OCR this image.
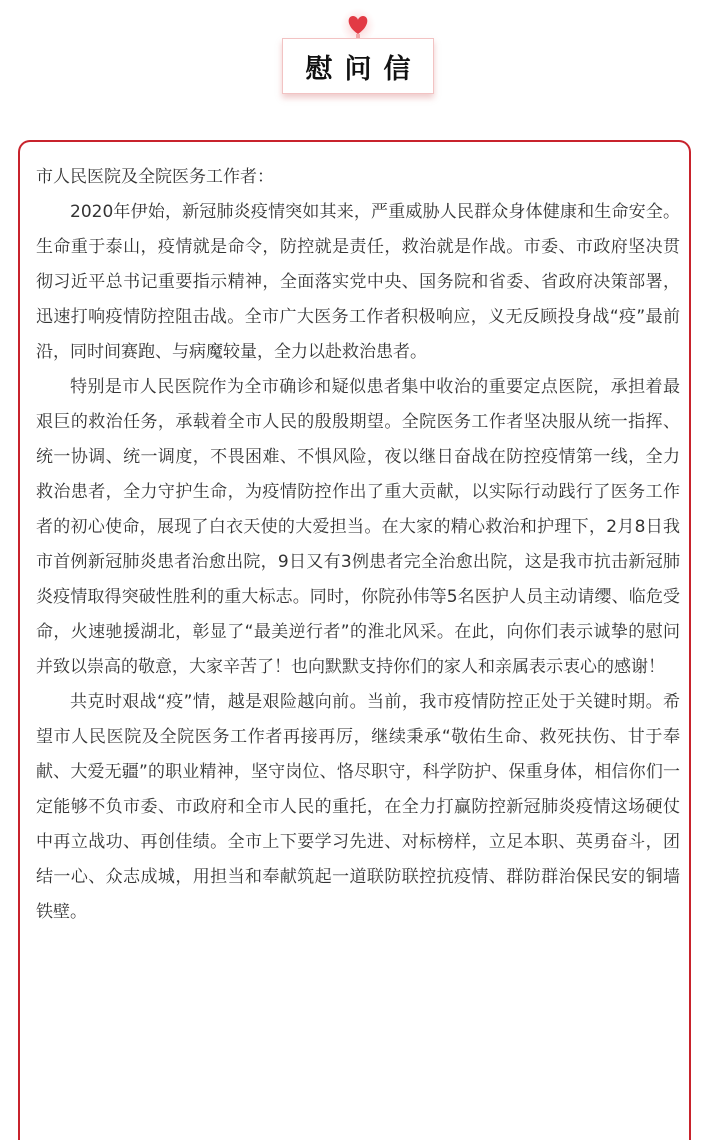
慰问信

市人民医院及全院医务工作者：

2020年伊始，新冠肺炎疫情突如其来，严重威胁人民群众身体健康和生命安全。生命重于泰山，疫情就是命令，防控就是责任，救治就是作战。市委、市政府坚决贯彻习近平总书记重要指示精神，全面落实党中央、国务院和省委、省政府决策部署，迅速打响疫情防控阻击战。全市广大医务工作者积极响应，义无反顾投身战“疫”最前沿，同时间赛跑、与病魔较量，全力以赴救治患者。

特别是市人民医院作为全市确诊和疑似患者集中收治的重要定点医院，承担着最艰巨的救治任务，承载着全市人民的殷殷期望。全院医务工作者坚决服从统一指挥、统一协调、统一调度，不畏困难、不惧风险，夜以继日奋战在防控疫情第一线，全力救治患者，全力守护生命，为疫情防控作出了重大贡献，以实际行动践行了医务工作者的初心使命，展现了白衣天使的大爱担当。在大家的精心救治和护理下，2月8日我市首例新冠肺炎患者治愈出院，9日又有3例患者完全治愈出院，这是我市抗击新冠肺炎疫情取得突破性胜利的重大标志。同时，你院孙伟等5名医护人员主动请缨、临危受命，火速驰援湖北，彰显了“最美逆行者”的淮北风采。在此，向你们表示诚挚的慰问并致以崇高的敬意，大家辛苦了！也向默默支持你们的家人和亲属表示衷心的感谢！

共克时艰战“疫”情，越是艰险越向前。当前，我市疫情防控正处于关键时期。希望市人民医院及全院医务工作者再接再厉，继续秉承“敬佑生命、救死扶伤、甘于奉献、大爱无疆”的职业精神，坚守岗位、恪尽职守，科学防护、保重身体，相信你们一定能够不负市委、市政府和全市人民的重托，在全力打赢防控新冠肺炎疫情这场硬仗中再立战功、再创佳绩。全市上下要学习先进、对标榜样，立足本职、英勇奋斗，团结一心、众志成城，用担当和奉献筑起一道联防联控抗疫情、群防群治保民安的铜墙铁壁。
